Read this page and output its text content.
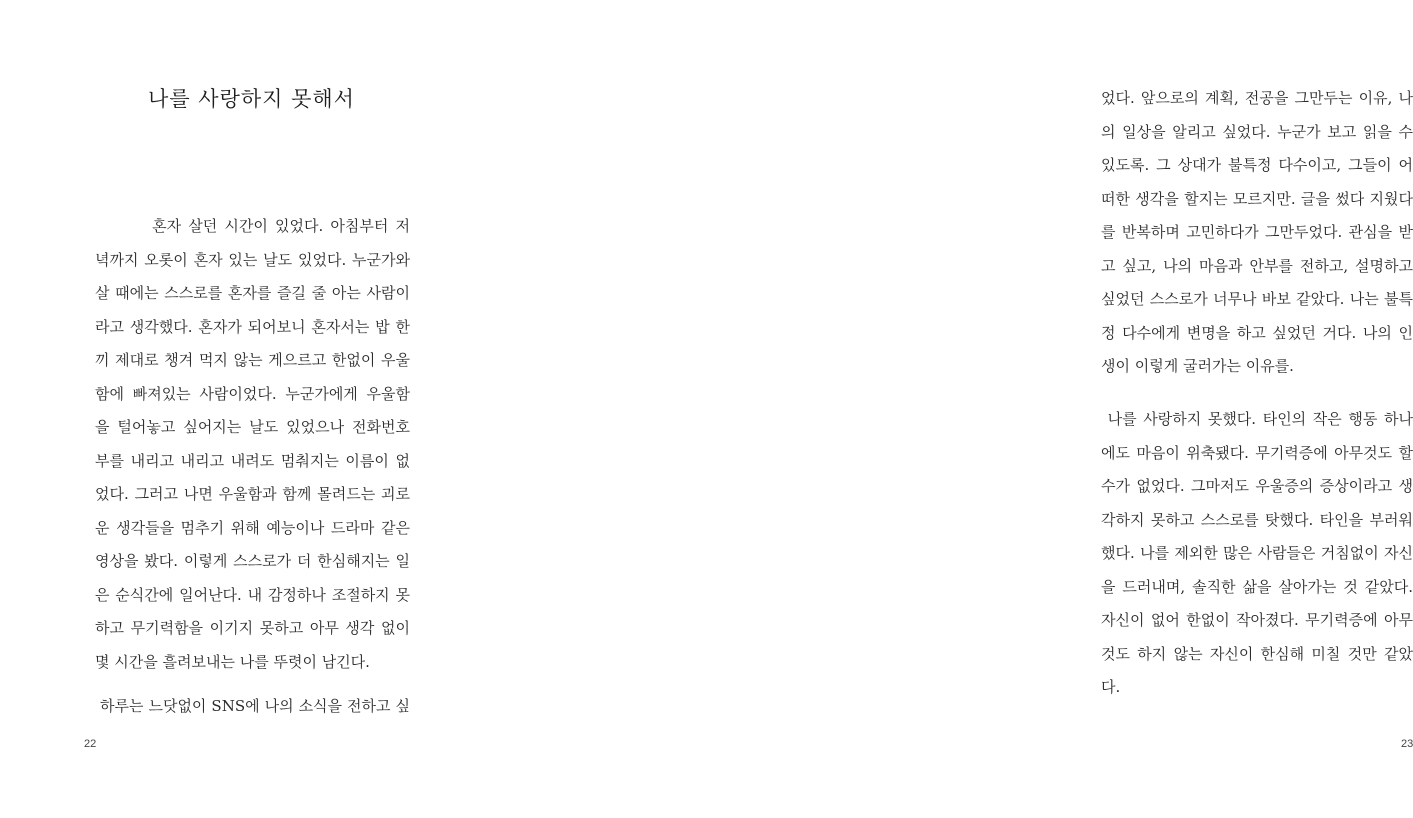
나를 사랑하지 못해서
혼자 살던 시간이 있었다. 아침부터 저
녁까지 오롯이 혼자 있는 날도 있었다. 누군가와
살 때에는 스스로를 혼자를 즐길 줄 아는 사람이
라고 생각했다. 혼자가 되어보니 혼자서는 밥 한
끼 제대로 챙겨 먹지 않는 게으르고 한없이 우울
함에 빠져있는 사람이었다. 누군가에게 우울함
을 털어놓고 싶어지는 날도 있었으나 전화번호
부를 내리고 내리고 내려도 멈춰지는 이름이 없
었다. 그러고 나면 우울함과 함께 몰려드는 괴로
운 생각들을 멈추기 위해 예능이나 드라마 같은
영상을 봤다. 이렇게 스스로가 더 한심해지는 일
은 순식간에 일어난다. 내 감정하나 조절하지 못
하고 무기력함을 이기지 못하고 아무 생각 없이
몇 시간을 흘려보내는 나를 뚜렷이 남긴다.
하루는 느닷없이 SNS에 나의 소식을 전하고 싶
22
었다. 앞으로의 계획, 전공을 그만두는 이유, 나
의 일상을 알리고 싶었다. 누군가 보고 읽을 수
있도록. 그 상대가 불특정 다수이고, 그들이 어
떠한 생각을 할지는 모르지만. 글을 썼다 지웠다
를 반복하며 고민하다가 그만두었다. 관심을 받
고 싶고, 나의 마음과 안부를 전하고, 설명하고
싶었던 스스로가 너무나 바보 같았다. 나는 불특
정 다수에게 변명을 하고 싶었던 거다. 나의 인
생이 이렇게 굴러가는 이유를.
나를 사랑하지 못했다. 타인의 작은 행동 하나
에도 마음이 위축됐다. 무기력증에 아무것도 할
수가 없었다. 그마저도 우울증의 증상이라고 생
각하지 못하고 스스로를 탓했다. 타인을 부러워
했다. 나를 제외한 많은 사람들은 거침없이 자신
을 드러내며, 솔직한 삶을 살아가는 것 같았다.
자신이 없어 한없이 작아졌다. 무기력증에 아무
것도 하지 않는 자신이 한심해 미칠 것만 같았
다.
23
